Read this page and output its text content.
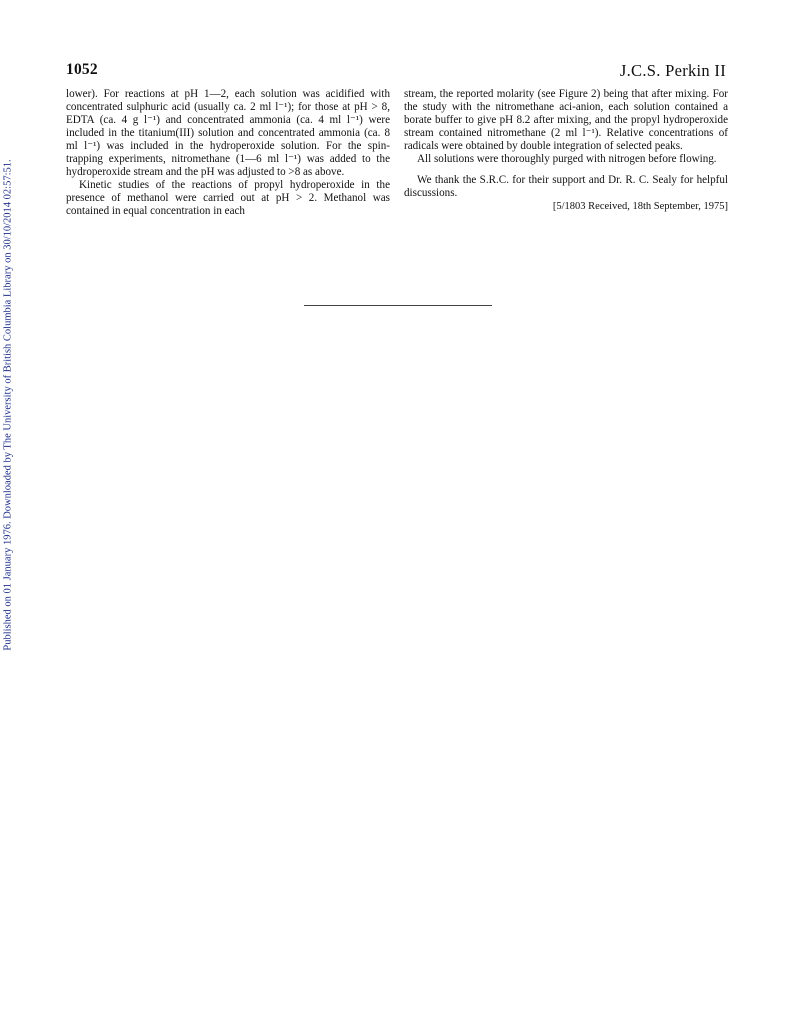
Published on 01 January 1976. Downloaded by The University of British Columbia Library on 30/10/2014 02:57:51.
1052	J.C.S. Perkin II

lower). For reactions at pH 1—2, each solution was acidified with concentrated sulphuric acid (usually ca. 2 ml l⁻¹); for those at pH > 8, EDTA (ca. 4 g l⁻¹) and concentrated ammonia (ca. 4 ml l⁻¹) were included in the titanium(III) solution and concentrated ammonia (ca. 8 ml l⁻¹) was included in the hydroperoxide solution. For the spin-trapping experiments, nitromethane (1—6 ml l⁻¹) was added to the hydroperoxide stream and the pH was adjusted to >8 as above.

Kinetic studies of the reactions of propyl hydroperoxide in the presence of methanol were carried out at pH > 2. Methanol was contained in equal concentration in each

stream, the reported molarity (see Figure 2) being that after mixing. For the study with the nitromethane aci-anion, each solution contained a borate buffer to give pH 8.2 after mixing, and the propyl hydroperoxide stream contained nitromethane (2 ml l⁻¹). Relative concentrations of radicals were obtained by double integration of selected peaks.

All solutions were thoroughly purged with nitrogen before flowing.

We thank the S.R.C. for their support and Dr. R. C. Sealy for helpful discussions.

[5/1803 Received, 18th September, 1975]
